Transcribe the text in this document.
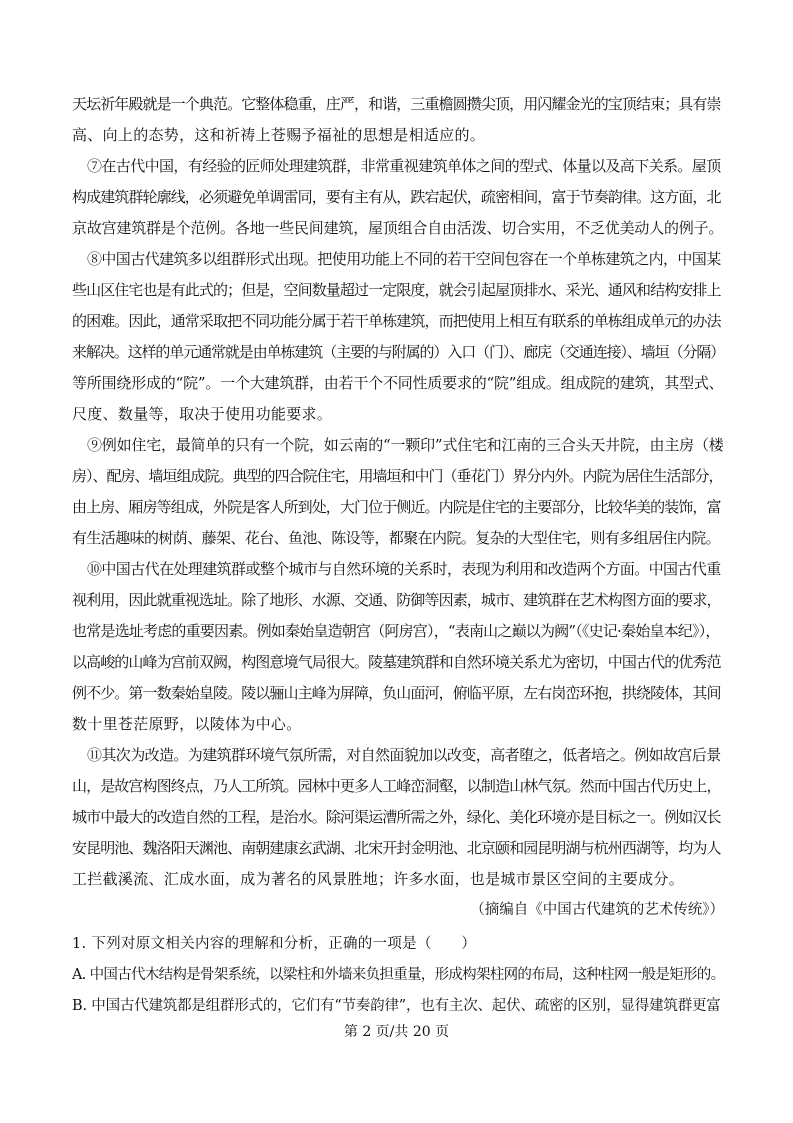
天坛祈年殿就是一个典范。它整体稳重，庄严，和谐，三重檐圆攒尖顶，用闪耀金光的宝顶结束；具有崇
高、向上的态势，这和祈祷上苍赐予福祉的思想是相适应的。
⑦在古代中国，有经验的匠师处理建筑群，非常重视建筑单体之间的型式、体量以及高下关系。屋顶
构成建筑群轮廓线，必须避免单调雷同，要有主有从，跌宕起伏，疏密相间，富于节奏韵律。这方面，北
京故宫建筑群是个范例。各地一些民间建筑，屋顶组合自由活泼、切合实用，不乏优美动人的例子。
⑧中国古代建筑多以组群形式出现。把使用功能上不同的若干空间包容在一个单栋建筑之内，中国某
些山区住宅也是有此式的；但是，空间数量超过一定限度，就会引起屋顶排水、采光、通风和结构安排上
的困难。因此，通常采取把不同功能分属于若干单栋建筑，而把使用上相互有联系的单栋组成单元的办法
来解决。这样的单元通常就是由单栋建筑（主要的与附属的）入口（门）、廊庑（交通连接）、墙垣（分隔）
等所围绕形成的“院”。一个大建筑群，由若干个不同性质要求的“院”组成。组成院的建筑，其型式、
尺度、数量等，取决于使用功能要求。
⑨例如住宅，最简单的只有一个院，如云南的“一颗印”式住宅和江南的三合头天井院，由主房（楼
房）、配房、墙垣组成院。典型的四合院住宅，用墙垣和中门（垂花门）界分内外。内院为居住生活部分，
由上房、厢房等组成，外院是客人所到处，大门位于侧近。内院是住宅的主要部分，比较华美的装饰，富
有生活趣味的树荫、藤架、花台、鱼池、陈设等，都聚在内院。复杂的大型住宅，则有多组居住内院。
⑩中国古代在处理建筑群或整个城市与自然环境的关系时，表现为利用和改造两个方面。中国古代重
视利用，因此就重视选址。除了地形、水源、交通、防御等因素，城市、建筑群在艺术构图方面的要求，
也常是选址考虑的重要因素。例如秦始皇造朝宫（阿房宫），“表南山之巅以为阙”（《史记·秦始皇本纪》），
以高峻的山峰为宫前双阙，构图意境气局很大。陵墓建筑群和自然环境关系尤为密切，中国古代的优秀范
例不少。第一数秦始皇陵。陵以骊山主峰为屏障，负山面河，俯临平原，左右岗峦环抱，拱绕陵体，其间
数十里苍茫原野，以陵体为中心。
⑪其次为改造。为建筑群环境气氛所需，对自然面貌加以改变，高者堕之，低者培之。例如故宫后景
山，是故宫构图终点，乃人工所筑。园林中更多人工峰峦洞壑，以制造山林气氛。然而中国古代历史上，
城市中最大的改造自然的工程，是治水。除河渠运漕所需之外，绿化、美化环境亦是目标之一。例如汉长
安昆明池、魏洛阳天渊池、南朝建康玄武湖、北宋开封金明池、北京颐和园昆明湖与杭州西湖等，均为人
工拦截溪流、汇成水面，成为著名的风景胜地；许多水面，也是城市景区空间的主要成分。
（摘编自《中国古代建筑的艺术传统》）
1. 下列对原文相关内容的理解和分析，正确的一项是（　　）
A. 中国古代木结构是骨架系统，以梁柱和外墙来负担重量，形成构架柱网的布局，这种柱网一般是矩形的。
B. 中国古代建筑都是组群形式的，它们有“节奏韵律”，也有主次、起伏、疏密的区别，显得建筑群更富
第 2 页/共 20 页
